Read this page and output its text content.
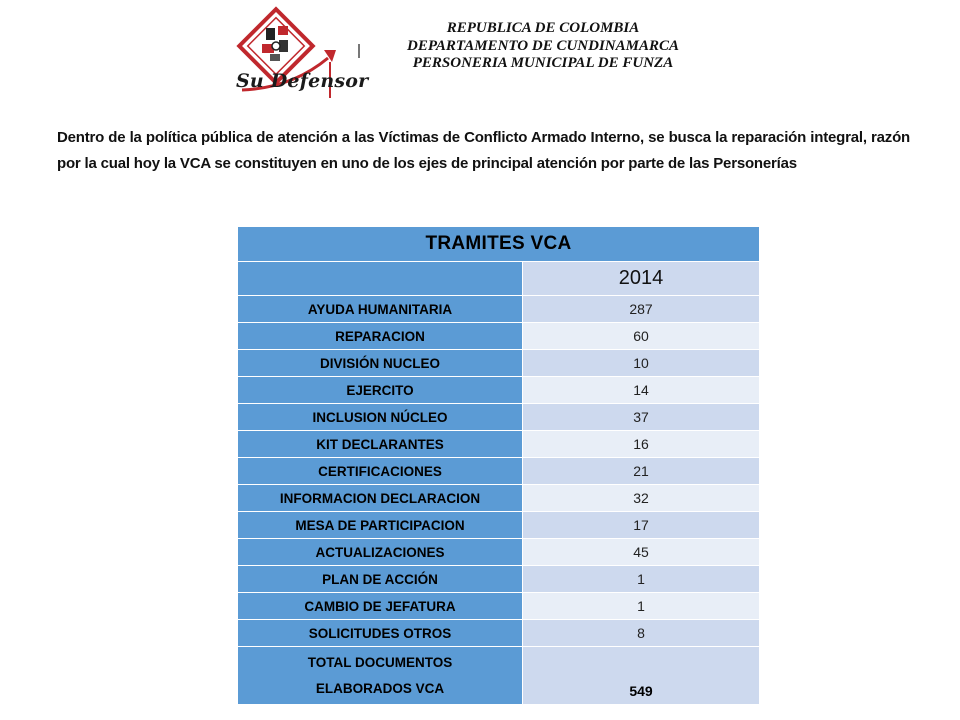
Su Defensor
REPUBLICA DE COLOMBIA
DEPARTAMENTO DE CUNDINAMARCA
PERSONERIA MUNICIPAL DE FUNZA
Dentro de la política pública de atención a las Víctimas de Conflicto Armado Interno, se busca la reparación integral, razón por la cual hoy la VCA se constituyen en uno de los ejes de principal atención por parte de las Personerías
TRAMITES VCA	
	2014
AYUDA HUMANITARIA	287
REPARACION	60
DIVISIÓN NUCLEO	10
EJERCITO	14
INCLUSION NÚCLEO	37
KIT DECLARANTES	16
CERTIFICACIONES	21
INFORMACION DECLARACION	32
MESA DE PARTICIPACION	17
ACTUALIZACIONES	45
PLAN DE ACCIÓN	1
CAMBIO DE JEFATURA	1
SOLICITUDES OTROS	8

TOTAL DOCUMENTOS
ELABORADOS VCA	549
